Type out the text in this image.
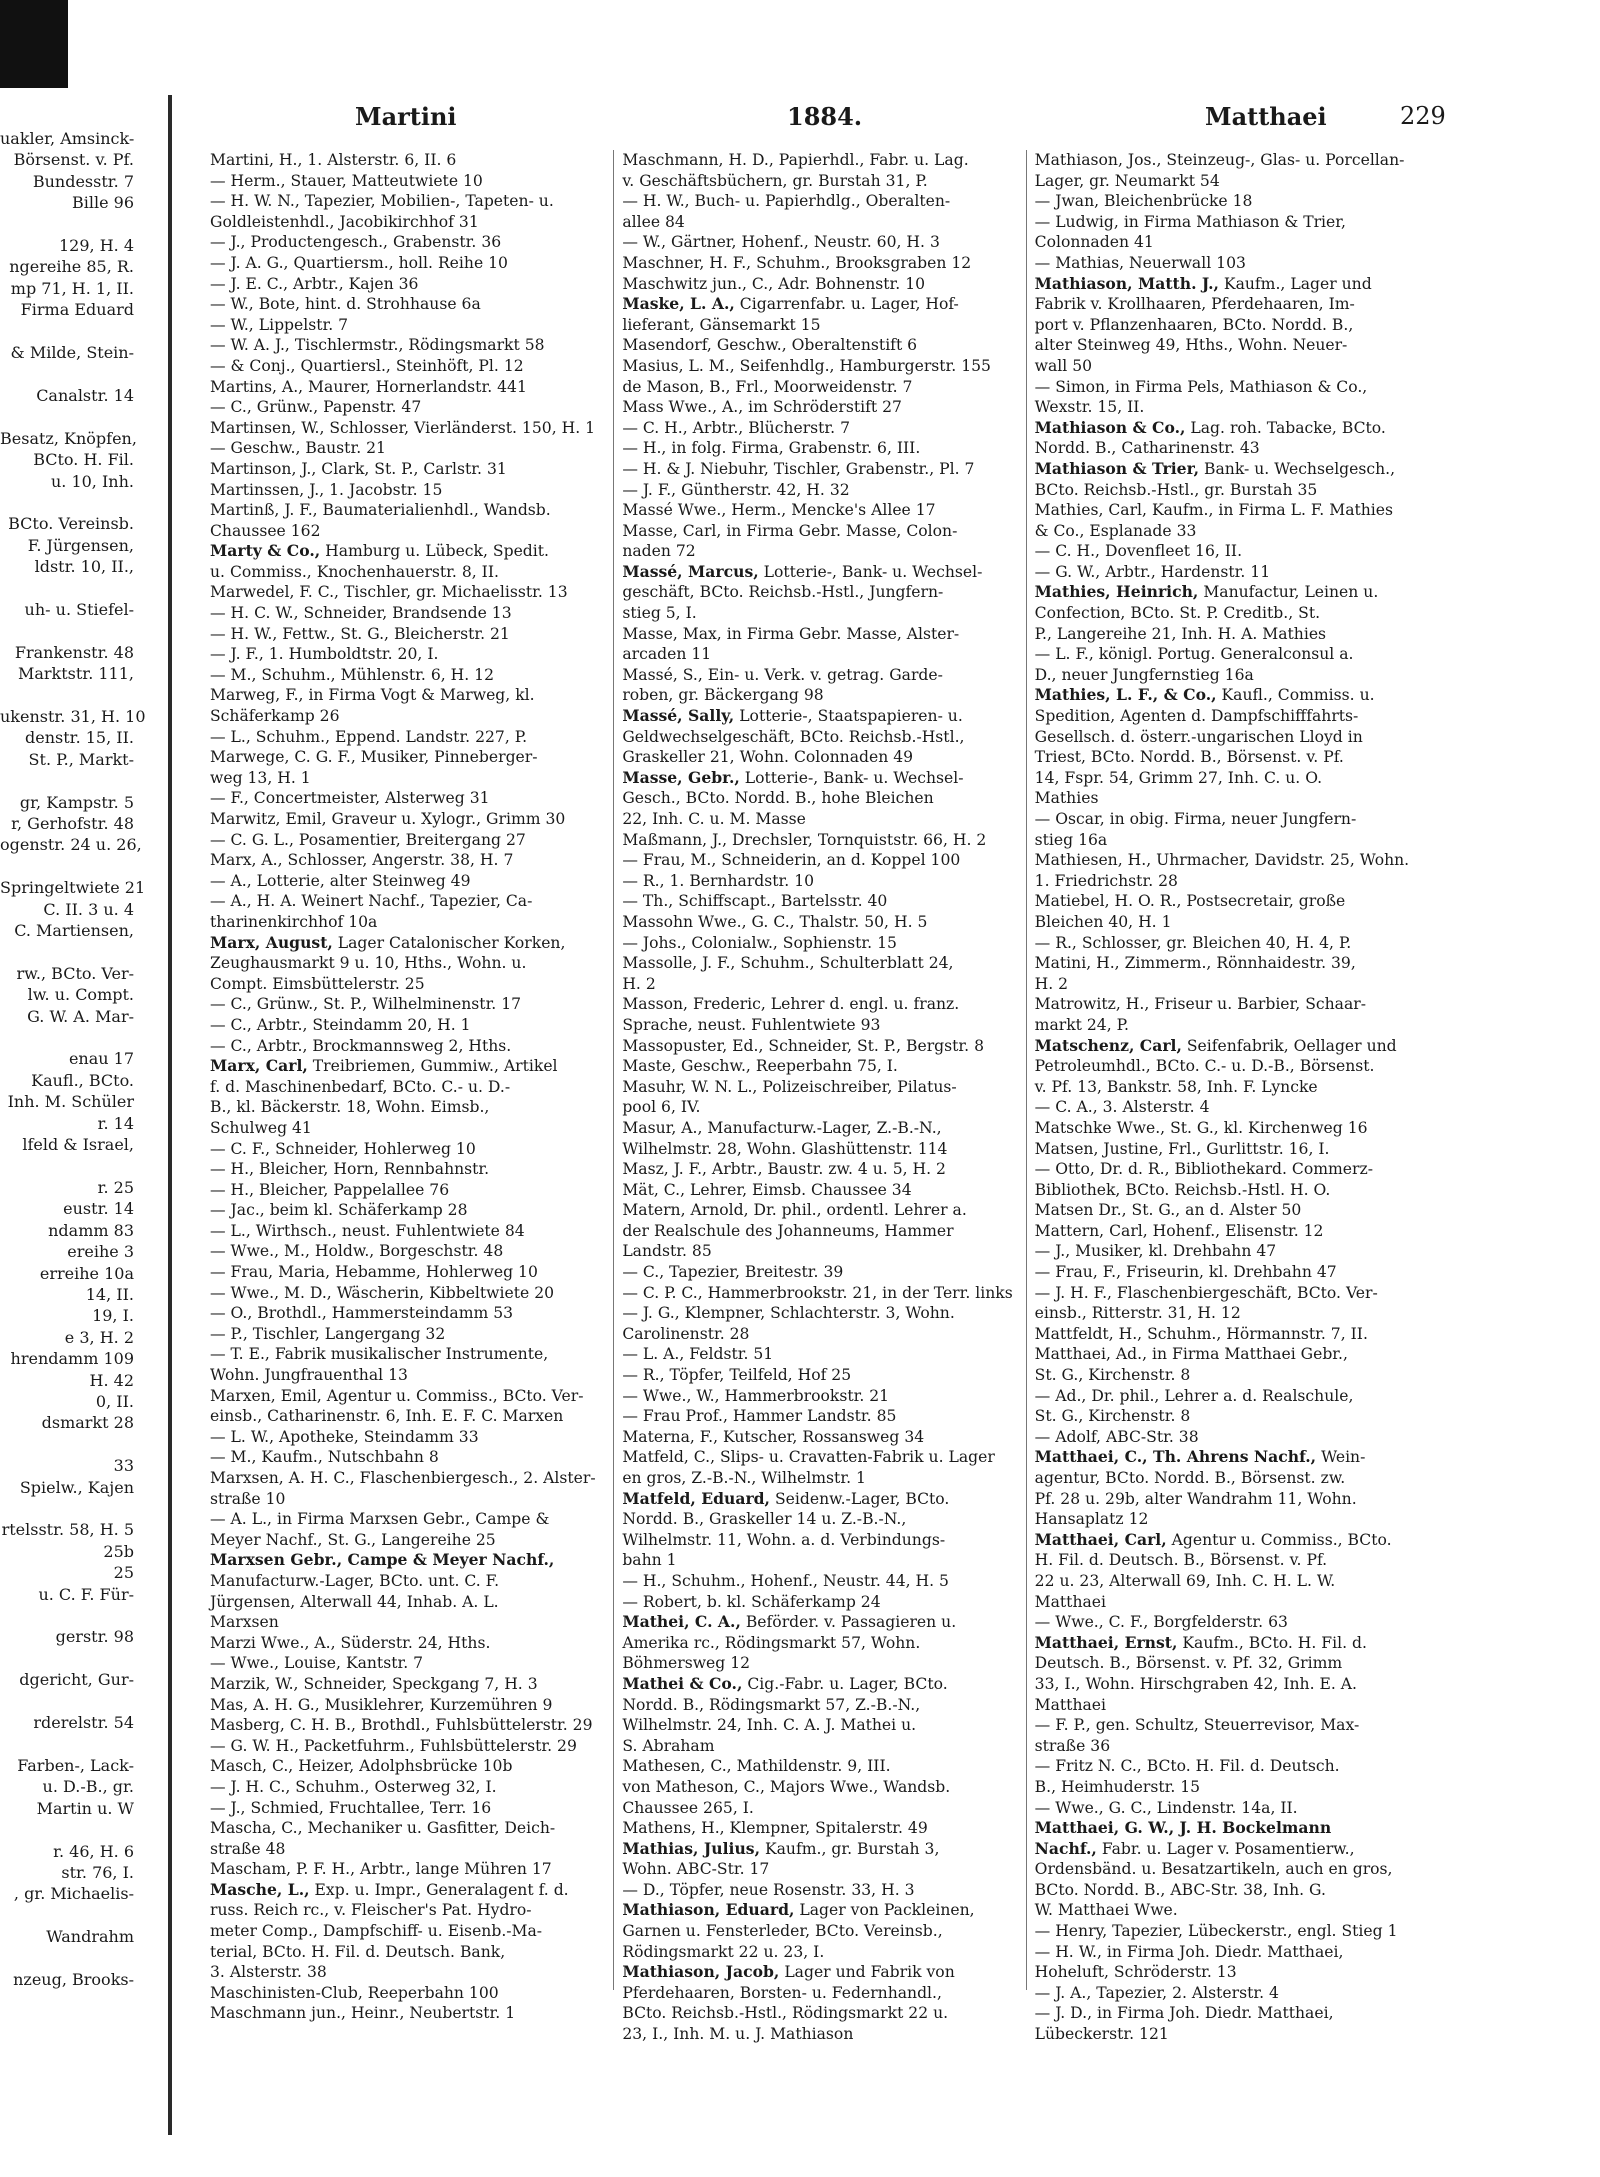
uakler, Amsinck-
Börsenst. v. Pf.
Bundesstr. 7
Bille 96

129, H. 4
ngereihe 85, R.
mp 71, H. 1, II.
Firma Eduard

& Milde, Stein-

Canalstr. 14

Besatz, Knöpfen,
BCto. H. Fil.
u. 10, Inh.

BCto. Vereinsb.
F. Jürgensen,
ldstr. 10, II.,

uh- u. Stiefel-

Frankenstr. 48
Marktstr. 111,

ukenstr. 31, H. 10
denstr. 15, II.
St. P., Markt-

gr, Kampstr. 5
r, Gerhofstr. 48
ogenstr. 24 u. 26,

Springeltwiete 21
C. II. 3 u. 4
C. Martiensen,

rw., BCto. Ver-
lw. u. Compt.
G. W. A. Mar-

enau 17
Kaufl., BCto.
Inh. M. Schüler
r. 14
lfeld & Israel,

r. 25
eustr. 14
ndamm 83
ereihe 3
erreihe 10a
14, II.
19, I.
e 3, H. 2
hrendamm 109
H. 42
0, II.
dsmarkt 28

33
Spielw., Kajen

rtelsstr. 58, H. 5
25b
25
u. C. F. Für-

gerstr. 98

dgericht, Gur-

rderelstr. 54

Farben-, Lack-
u. D.-B., gr.
Martin u. W

r. 46, H. 6
str. 76, I.
, gr. Michaelis-

Wandrahm

nzeug, Brooks-
Martini	1884.	Matthaei	229
Martini, H., 1. Alsterstr. 6, II. 6
— Herm., Stauer, Matteutwiete 10
— H. W. N., Tapezier, Mobilien-, Tapeten- u.
Goldleistenhdl., Jacobikirchhof 31
— J., Productengesch., Grabenstr. 36
— J. A. G., Quartiersm., holl. Reihe 10
— J. E. C., Arbtr., Kajen 36
— W., Bote, hint. d. Strohhause 6a
— W., Lippelstr. 7
— W. A. J., Tischlermstr., Rödingsmarkt 58
— & Conj., Quartiersl., Steinhöft, Pl. 12
Martins, A., Maurer, Hornerlandstr. 441
— C., Grünw., Papenstr. 47
Martinsen, W., Schlosser, Vierländerst. 150, H. 1
— Geschw., Baustr. 21
Martinson, J., Clark, St. P., Carlstr. 31
Martinssen, J., 1. Jacobstr. 15
Martinß, J. F., Baumaterialienhdl., Wandsb.
Chaussee 162
Marty & Co., Hamburg u. Lübeck, Spedit.
u. Commiss., Knochenhauerstr. 8, II.
Marwedel, F. C., Tischler, gr. Michaelisstr. 13
— H. C. W., Schneider, Brandsende 13
— H. W., Fettw., St. G., Bleicherstr. 21
— J. F., 1. Humboldtstr. 20, I.
— M., Schuhm., Mühlenstr. 6, H. 12
Marweg, F., in Firma Vogt & Marweg, kl.
Schäferkamp 26
— L., Schuhm., Eppend. Landstr. 227, P.
Marwege, C. G. F., Musiker, Pinneberger-
weg 13, H. 1
— F., Concertmeister, Alsterweg 31
Marwitz, Emil, Graveur u. Xylogr., Grimm 30
— C. G. L., Posamentier, Breitergang 27
Marx, A., Schlosser, Angerstr. 38, H. 7
— A., Lotterie, alter Steinweg 49
— A., H. A. Weinert Nachf., Tapezier, Ca-
tharinenkirchhof 10a
Marx, August, Lager Catalonischer Korken,
Zeughausmarkt 9 u. 10, Hths., Wohn. u.
Compt. Eimsbüttelerstr. 25
— C., Grünw., St. P., Wilhelminenstr. 17
— C., Arbtr., Steindamm 20, H. 1
— C., Arbtr., Brockmannsweg 2, Hths.
Marx, Carl, Treibriemen, Gummiw., Artikel
f. d. Maschinenbedarf, BCto. C.- u. D.-
B., kl. Bäckerstr. 18, Wohn. Eimsb.,
Schulweg 41
— C. F., Schneider, Hohlerweg 10
— H., Bleicher, Horn, Rennbahnstr.
— H., Bleicher, Pappelallee 76
— Jac., beim kl. Schäferkamp 28
— L., Wirthsch., neust. Fuhlentwiete 84
— Wwe., M., Holdw., Borgeschstr. 48
— Frau, Maria, Hebamme, Hohlerweg 10
— Wwe., M. D., Wäscherin, Kibbeltwiete 20
— O., Brothdl., Hammersteindamm 53
— P., Tischler, Langergang 32
— T. E., Fabrik musikalischer Instrumente,
Wohn. Jungfrauenthal 13
Marxen, Emil, Agentur u. Commiss., BCto. Ver-
einsb., Catharinenstr. 6, Inh. E. F. C. Marxen
— L. W., Apotheke, Steindamm 33
— M., Kaufm., Nutschbahn 8
Marxsen, A. H. C., Flaschenbiergesch., 2. Alster-
straße 10
— A. L., in Firma Marxsen Gebr., Campe &
Meyer Nachf., St. G., Langereihe 25
Marxsen Gebr., Campe & Meyer Nachf.,
Manufacturw.-Lager, BCto. unt. C. F.
Jürgensen, Alterwall 44, Inhab. A. L.
Marxsen
Marzi Wwe., A., Süderstr. 24, Hths.
— Wwe., Louise, Kantstr. 7
Marzik, W., Schneider, Speckgang 7, H. 3
Mas, A. H. G., Musiklehrer, Kurzemühren 9
Masberg, C. H. B., Brothdl., Fuhlsbüttelerstr. 29
— G. W. H., Packetfuhrm., Fuhlsbüttelerstr. 29
Masch, C., Heizer, Adolphsbrücke 10b
— J. H. C., Schuhm., Osterweg 32, I.
— J., Schmied, Fruchtallee, Terr. 16
Mascha, C., Mechaniker u. Gasfitter, Deich-
straße 48
Mascham, P. F. H., Arbtr., lange Mühren 17
Masche, L., Exp. u. Impr., Generalagent f. d.
russ. Reich rc., v. Fleischer's Pat. Hydro-
meter Comp., Dampfschiff- u. Eisenb.-Ma-
terial, BCto. H. Fil. d. Deutsch. Bank,
3. Alsterstr. 38
Maschinisten-Club, Reeperbahn 100
Maschmann jun., Heinr., Neubertstr. 1
Maschmann, H. D., Papierhdl., Fabr. u. Lag.
v. Geschäftsbüchern, gr. Burstah 31, P.
— H. W., Buch- u. Papierhdlg., Oberalten-
allee 84
— W., Gärtner, Hohenf., Neustr. 60, H. 3
Maschner, H. F., Schuhm., Brooksgraben 12
Maschwitz jun., C., Adr. Bohnenstr. 10
Maske, L. A., Cigarrenfabr. u. Lager, Hof-
lieferant, Gänsemarkt 15
Masendorf, Geschw., Oberaltenstift 6
Masius, L. M., Seifenhdlg., Hamburgerstr. 155
de Mason, B., Frl., Moorweidenstr. 7
Mass Wwe., A., im Schröderstift 27
— C. H., Arbtr., Blücherstr. 7
— H., in folg. Firma, Grabenstr. 6, III.
— H. & J. Niebuhr, Tischler, Grabenstr., Pl. 7
— J. F., Güntherstr. 42, H. 32
Massé Wwe., Herm., Mencke's Allee 17
Masse, Carl, in Firma Gebr. Masse, Colon-
naden 72
Massé, Marcus, Lotterie-, Bank- u. Wechsel-
geschäft, BCto. Reichsb.-Hstl., Jungfern-
stieg 5, I.
Masse, Max, in Firma Gebr. Masse, Alster-
arcaden 11
Massé, S., Ein- u. Verk. v. getrag. Garde-
roben, gr. Bäckergang 98
Massé, Sally, Lotterie-, Staatspapieren- u.
Geldwechselgeschäft, BCto. Reichsb.-Hstl.,
Graskeller 21, Wohn. Colonnaden 49
Masse, Gebr., Lotterie-, Bank- u. Wechsel-
Gesch., BCto. Nordd. B., hohe Bleichen
22, Inh. C. u. M. Masse
Maßmann, J., Drechsler, Tornquiststr. 66, H. 2
— Frau, M., Schneiderin, an d. Koppel 100
— R., 1. Bernhardstr. 10
— Th., Schiffscapt., Bartelsstr. 40
Massohn Wwe., G. C., Thalstr. 50, H. 5
— Johs., Colonialw., Sophienstr. 15
Massolle, J. F., Schuhm., Schulterblatt 24,
H. 2
Masson, Frederic, Lehrer d. engl. u. franz.
Sprache, neust. Fuhlentwiete 93
Massopuster, Ed., Schneider, St. P., Bergstr. 8
Maste, Geschw., Reeperbahn 75, I.
Masuhr, W. N. L., Polizeischreiber, Pilatus-
pool 6, IV.
Masur, A., Manufacturw.-Lager, Z.-B.-N.,
Wilhelmstr. 28, Wohn. Glashüttenstr. 114
Masz, J. F., Arbtr., Baustr. zw. 4 u. 5, H. 2
Mät, C., Lehrer, Eimsb. Chaussee 34
Matern, Arnold, Dr. phil., ordentl. Lehrer a.
der Realschule des Johanneums, Hammer
Landstr. 85
— C., Tapezier, Breitestr. 39
— C. P. C., Hammerbrookstr. 21, in der Terr. links
— J. G., Klempner, Schlachterstr. 3, Wohn.
Carolinenstr. 28
— L. A., Feldstr. 51
— R., Töpfer, Teilfeld, Hof 25
— Wwe., W., Hammerbrookstr. 21
— Frau Prof., Hammer Landstr. 85
Materna, F., Kutscher, Rossansweg 34
Matfeld, C., Slips- u. Cravatten-Fabrik u. Lager
en gros, Z.-B.-N., Wilhelmstr. 1
Matfeld, Eduard, Seidenw.-Lager, BCto.
Nordd. B., Graskeller 14 u. Z.-B.-N.,
Wilhelmstr. 11, Wohn. a. d. Verbindungs-
bahn 1
— H., Schuhm., Hohenf., Neustr. 44, H. 5
— Robert, b. kl. Schäferkamp 24
Mathei, C. A., Beförder. v. Passagieren u.
Amerika rc., Rödingsmarkt 57, Wohn.
Böhmersweg 12
Mathei & Co., Cig.-Fabr. u. Lager, BCto.
Nordd. B., Rödingsmarkt 57, Z.-B.-N.,
Wilhelmstr. 24, Inh. C. A. J. Mathei u.
S. Abraham
Mathesen, C., Mathildenstr. 9, III.
von Matheson, C., Majors Wwe., Wandsb.
Chaussee 265, I.
Mathens, H., Klempner, Spitalerstr. 49
Mathias, Julius, Kaufm., gr. Burstah 3,
Wohn. ABC-Str. 17
— D., Töpfer, neue Rosenstr. 33, H. 3
Mathiason, Eduard, Lager von Packleinen,
Garnen u. Fensterleder, BCto. Vereinsb.,
Rödingsmarkt 22 u. 23, I.
Mathiason, Jacob, Lager und Fabrik von
Pferdehaaren, Borsten- u. Federnhandl.,
BCto. Reichsb.-Hstl., Rödingsmarkt 22 u.
23, I., Inh. M. u. J. Mathiason
Mathiason, Jos., Steinzeug-, Glas- u. Porcellan-
Lager, gr. Neumarkt 54
— Jwan, Bleichenbrücke 18
— Ludwig, in Firma Mathiason & Trier,
Colonnaden 41
— Mathias, Neuerwall 103
Mathiason, Matth. J., Kaufm., Lager und
Fabrik v. Krollhaaren, Pferdehaaren, Im-
port v. Pflanzenhaaren, BCto. Nordd. B.,
alter Steinweg 49, Hths., Wohn. Neuer-
wall 50
— Simon, in Firma Pels, Mathiason & Co.,
Wexstr. 15, II.
Mathiason & Co., Lag. roh. Tabacke, BCto.
Nordd. B., Catharinenstr. 43
Mathiason & Trier, Bank- u. Wechselgesch.,
BCto. Reichsb.-Hstl., gr. Burstah 35
Mathies, Carl, Kaufm., in Firma L. F. Mathies
& Co., Esplanade 33
— C. H., Dovenfleet 16, II.
— G. W., Arbtr., Hardenstr. 11
Mathies, Heinrich, Manufactur, Leinen u.
Confection, BCto. St. P. Creditb., St.
P., Langereihe 21, Inh. H. A. Mathies
— L. F., königl. Portug. Generalconsul a.
D., neuer Jungfernstieg 16a
Mathies, L. F., & Co., Kaufl., Commiss. u.
Spedition, Agenten d. Dampfschifffahrts-
Gesellsch. d. österr.-ungarischen Lloyd in
Triest, BCto. Nordd. B., Börsenst. v. Pf.
14, Fspr. 54, Grimm 27, Inh. C. u. O.
Mathies
— Oscar, in obig. Firma, neuer Jungfern-
stieg 16a
Mathiesen, H., Uhrmacher, Davidstr. 25, Wohn.
1. Friedrichstr. 28
Matiebel, H. O. R., Postsecretair, große
Bleichen 40, H. 1
— R., Schlosser, gr. Bleichen 40, H. 4, P.
Matini, H., Zimmerm., Rönnhaidestr. 39,
H. 2
Matrowitz, H., Friseur u. Barbier, Schaar-
markt 24, P.
Matschenz, Carl, Seifenfabrik, Oellager und
Petroleumhdl., BCto. C.- u. D.-B., Börsenst.
v. Pf. 13, Bankstr. 58, Inh. F. Lyncke
— C. A., 3. Alsterstr. 4
Matschke Wwe., St. G., kl. Kirchenweg 16
Matsen, Justine, Frl., Gurlittstr. 16, I.
— Otto, Dr. d. R., Bibliothekard. Commerz-
Bibliothek, BCto. Reichsb.-Hstl. H. O.
Matsen Dr., St. G., an d. Alster 50
Mattern, Carl, Hohenf., Elisenstr. 12
— J., Musiker, kl. Drehbahn 47
— Frau, F., Friseurin, kl. Drehbahn 47
— J. H. F., Flaschenbiergeschäft, BCto. Ver-
einsb., Ritterstr. 31, H. 12
Mattfeldt, H., Schuhm., Hörmannstr. 7, II.
Matthaei, Ad., in Firma Matthaei Gebr.,
St. G., Kirchenstr. 8
— Ad., Dr. phil., Lehrer a. d. Realschule,
St. G., Kirchenstr. 8
— Adolf, ABC-Str. 38
Matthaei, C., Th. Ahrens Nachf., Wein-
agentur, BCto. Nordd. B., Börsenst. zw.
Pf. 28 u. 29b, alter Wandrahm 11, Wohn.
Hansaplatz 12
Matthaei, Carl, Agentur u. Commiss., BCto.
H. Fil. d. Deutsch. B., Börsenst. v. Pf.
22 u. 23, Alterwall 69, Inh. C. H. L. W.
Matthaei
— Wwe., C. F., Borgfelderstr. 63
Matthaei, Ernst, Kaufm., BCto. H. Fil. d.
Deutsch. B., Börsenst. v. Pf. 32, Grimm
33, I., Wohn. Hirschgraben 42, Inh. E. A.
Matthaei
— F. P., gen. Schultz, Steuerrevisor, Max-
straße 36
— Fritz N. C., BCto. H. Fil. d. Deutsch.
B., Heimhuderstr. 15
— Wwe., G. C., Lindenstr. 14a, II.
Matthaei, G. W., J. H. Bockelmann
Nachf., Fabr. u. Lager v. Posamentierw.,
Ordensbänd. u. Besatzartikeln, auch en gros,
BCto. Nordd. B., ABC-Str. 38, Inh. G.
W. Matthaei Wwe.
— Henry, Tapezier, Lübeckerstr., engl. Stieg 1
— H. W., in Firma Joh. Diedr. Matthaei,
Hoheluft, Schröderstr. 13
— J. A., Tapezier, 2. Alsterstr. 4
— J. D., in Firma Joh. Diedr. Matthaei,
Lübeckerstr. 121
